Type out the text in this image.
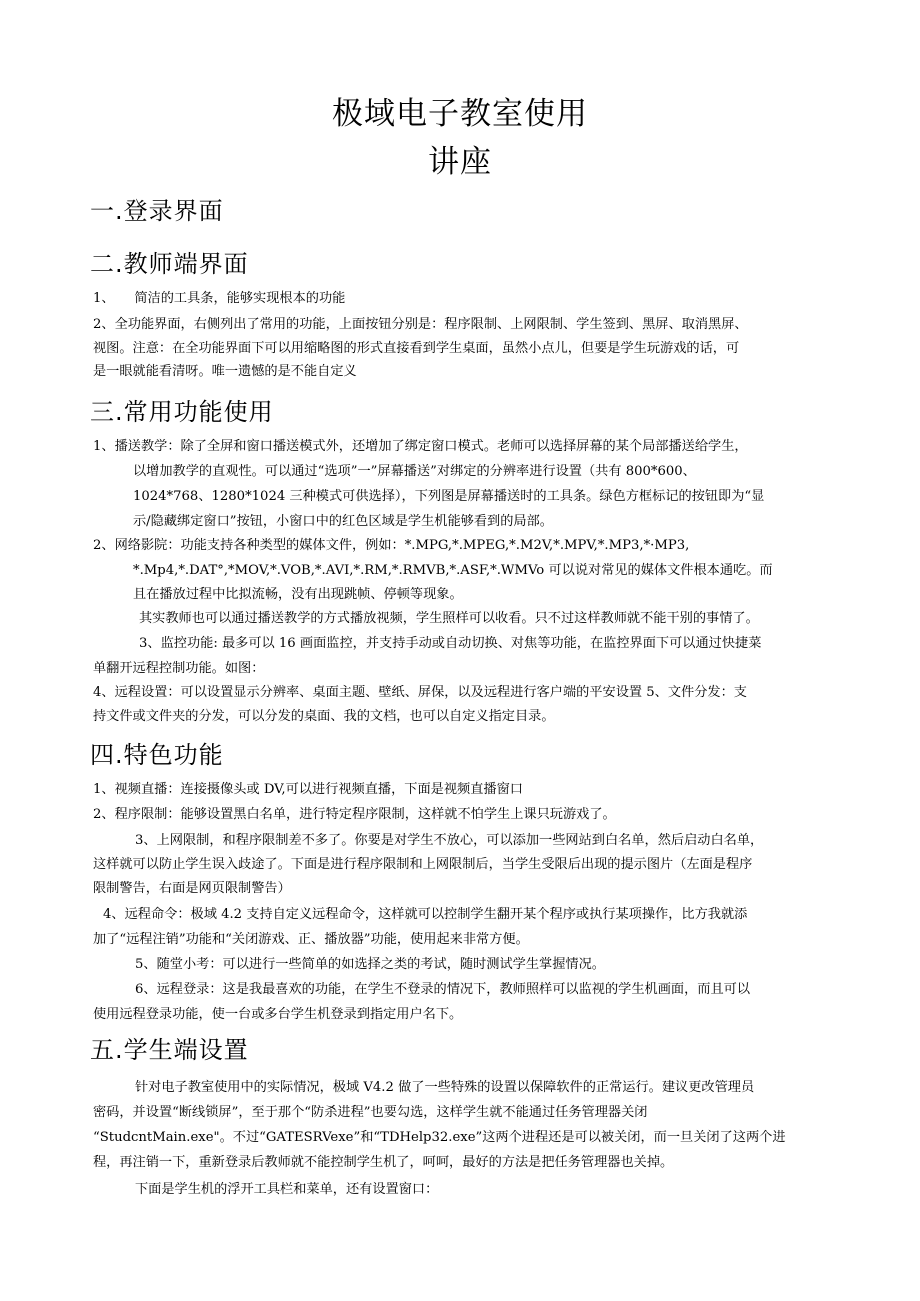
极域电子教室使用
讲座
一.登录界面
二.教师端界面
1、　　简洁的工具条，能够实现根本的功能
2、全功能界面，右侧列出了常用的功能，上面按钮分别是：程序限制、上网限制、学生签到、黑屏、取消黑屏、
视图。注意：在全功能界面下可以用缩略图的形式直接看到学生桌面，虽然小点儿，但要是学生玩游戏的话，可
是一眼就能看清呀。唯一遗憾的是不能自定义
三.常用功能使用
1、播送教学：除了全屏和窗口播送模式外，还增加了绑定窗口模式。老师可以选择屏幕的某个局部播送给学生，
以增加教学的直观性。可以通过“选项”一”屏幕播送”对绑定的分辨率进行设置（共有 800*600、
1024*768、1280*1024 三种模式可供选择），下列图是屏幕播送时的工具条。绿色方框标记的按钮即为“显
示/隐藏绑定窗口”按钮，小窗口中的红色区域是学生机能够看到的局部。
2、网络影院：功能支持各种类型的媒体文件，例如：*.MPG,*.MPEG,*.M2V,*.MPV,*.MP3,*·MP3,
*.Mp4,*.DAT°,*MOV,*.VOB,*.AVI,*.RM,*.RMVB,*.ASF,*.WMVo 可以说对常见的媒体文件根本通吃。而
且在播放过程中比拟流畅，没有出现跳帧、停顿等现象。
其实教师也可以通过播送教学的方式播放视频，学生照样可以收看。只不过这样教师就不能干别的事情了。
3、监控功能: 最多可以 16 画面监控，并支持手动或自动切换、对焦等功能，在监控界面下可以通过快捷菜
单翻开远程控制功能。如图：
4、远程设置：可以设置显示分辨率、桌面主题、壁纸、屏保，以及远程进行客户端的平安设置 5、文件分发：支
持文件或文件夹的分发，可以分发的桌面、我的文档，也可以自定义指定目录。
四.特色功能
1、视频直播：连接摄像头或 DV,可以进行视频直播，下面是视频直播窗口
2、程序限制：能够设置黑白名单，进行特定程序限制，这样就不怕学生上课只玩游戏了。
3、上网限制，和程序限制差不多了。你要是对学生不放心，可以添加一些网站到白名单，然后启动白名单，
这样就可以防止学生误入歧途了。下面是进行程序限制和上网限制后，当学生受限后出现的提示图片（左面是程序
限制警告，右面是网页限制警告）
4、远程命令：极域 4.2 支持自定义远程命令，这样就可以控制学生翻开某个程序或执行某项操作，比方我就添
加了“远程注销”功能和“关闭游戏、正、播放器”功能，使用起来非常方便。
5、随堂小考：可以进行一些简单的如选择之类的考试，随时测试学生掌握情况。
6、远程登录：这是我最喜欢的功能，在学生不登录的情况下，教师照样可以监视的学生机画面，而且可以
使用远程登录功能，使一台或多台学生机登录到指定用户名下。
五.学生端设置
针对电子教室使用中的实际情况，极域 V4.2 做了一些特殊的设置以保障软件的正常运行。建议更改管理员
密码，并设置“断线锁屏”，至于那个“防杀进程”也要勾选，这样学生就不能通过任务管理器关闭
“StudcntMain.exe"。不过“GATESRVexe”和“TDHelp32.exe”这两个进程还是可以被关闭，而一旦关闭了这两个进
程，再注销一下，重新登录后教师就不能控制学生机了，呵呵，最好的方法是把任务管理器也关掉。
下面是学生机的浮开工具栏和菜单，还有设置窗口：
